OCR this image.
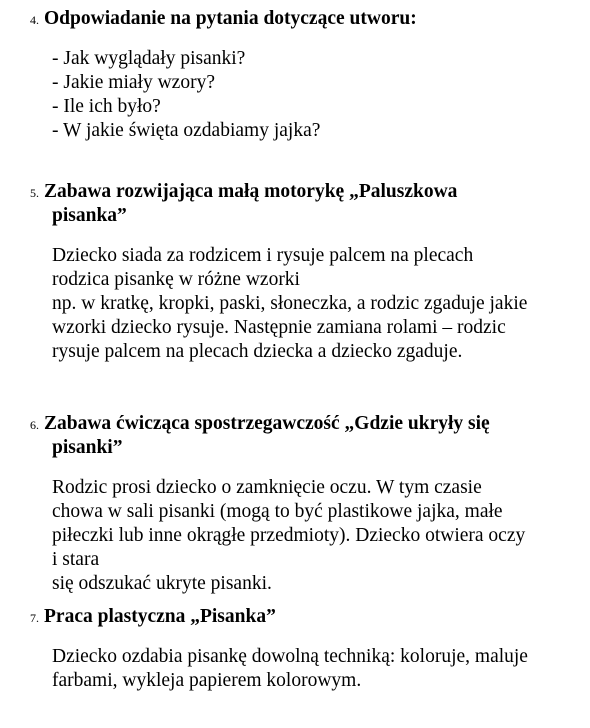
4. Odpowiadanie na pytania dotyczące utworu:
- Jak wyglądały pisanki?
- Jakie miały wzory?
- Ile ich było?
- W jakie święta ozdabiamy jajka?
5. Zabawa rozwijająca małą motorykę „Paluszkowa
pisanka”
Dziecko siada za rodzicem i rysuje palcem na plecach
rodzica pisankę w różne wzorki
np. w kratkę, kropki, paski, słoneczka, a rodzic zgaduje jakie
wzorki dziecko rysuje. Następnie zamiana rolami – rodzic
rysuje palcem na plecach dziecka a dziecko zgaduje.
6. Zabawa ćwicząca spostrzegawczość „Gdzie ukryły się
pisanki”
Rodzic prosi dziecko o zamknięcie oczu. W tym czasie
chowa w sali pisanki (mogą to być plastikowe jajka, małe
piłeczki lub inne okrągłe przedmioty). Dziecko otwiera oczy
i stara
się odszukać ukryte pisanki.
7. Praca plastyczna „Pisanka”
Dziecko ozdabia pisankę dowolną techniką: koloruje, maluje
farbami, wykleja papierem kolorowym.
